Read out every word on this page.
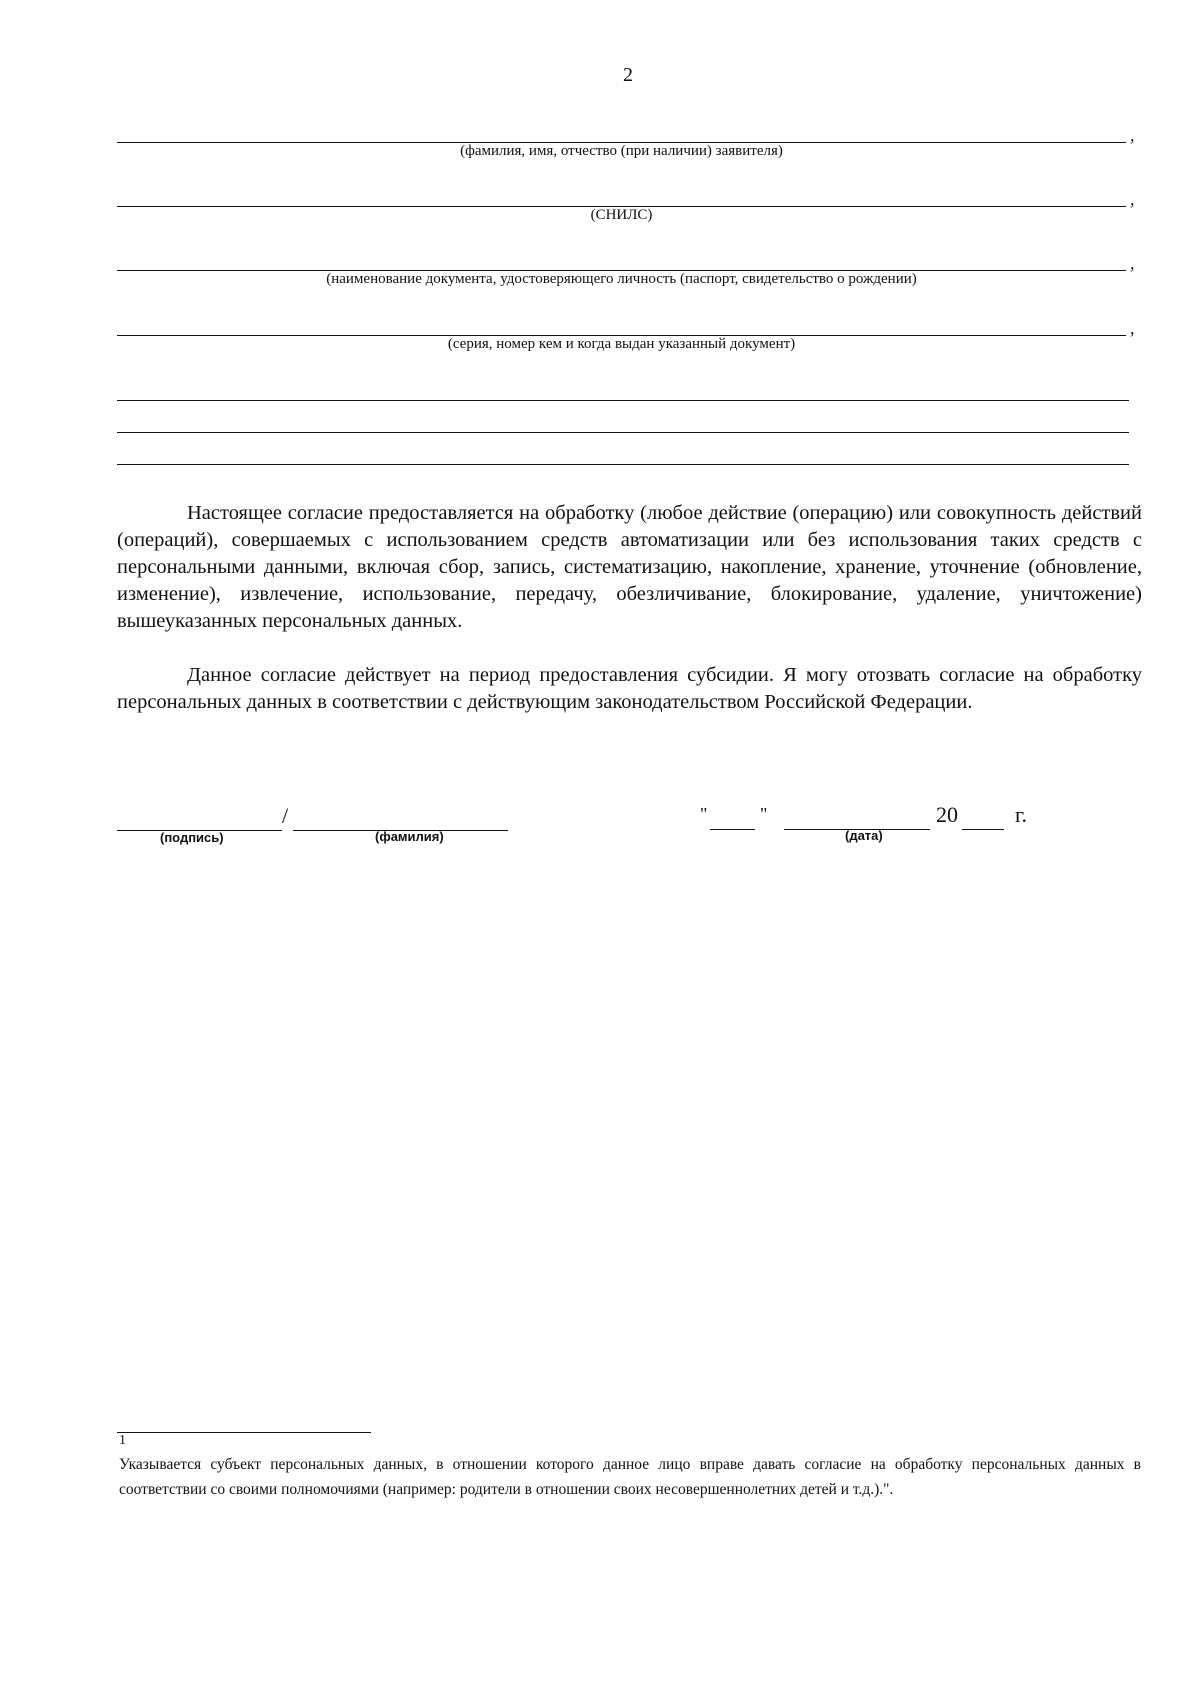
2
,
(фамилия, имя, отчество (при наличии) заявителя)
,
(СНИЛС)
,
(наименование документа, удостоверяющего личность (паспорт, свидетельство о рождении)
,
(серия, номер кем и когда выдан указанный документ)

Настоящее согласие предоставляется на обработку (любое действие (операцию) или совокупность действий (операций), совершаемых с использованием средств автоматизации или без использования таких средств с персональными данными, включая сбор, запись, систематизацию, накопление, хранение, уточнение (обновление, изменение), извлечение, использование, передачу, обезличивание, блокирование, удаление, уничтожение) вышеуказанных персональных данных.

Данное согласие действует на период предоставления субсидии. Я могу отозвать согласие на обработку персональных данных в соответствии с действующим законодательством Российской Федерации.

/
(подпись)	(фамилия)
"	"
(дата)
20	г.
1

Указывается субъект персональных данных, в отношении которого данное лицо вправе давать согласие на обработку персональных данных в соответствии со своими полномочиями (например: родители в отношении своих несовершеннолетних детей и т.д.).".
